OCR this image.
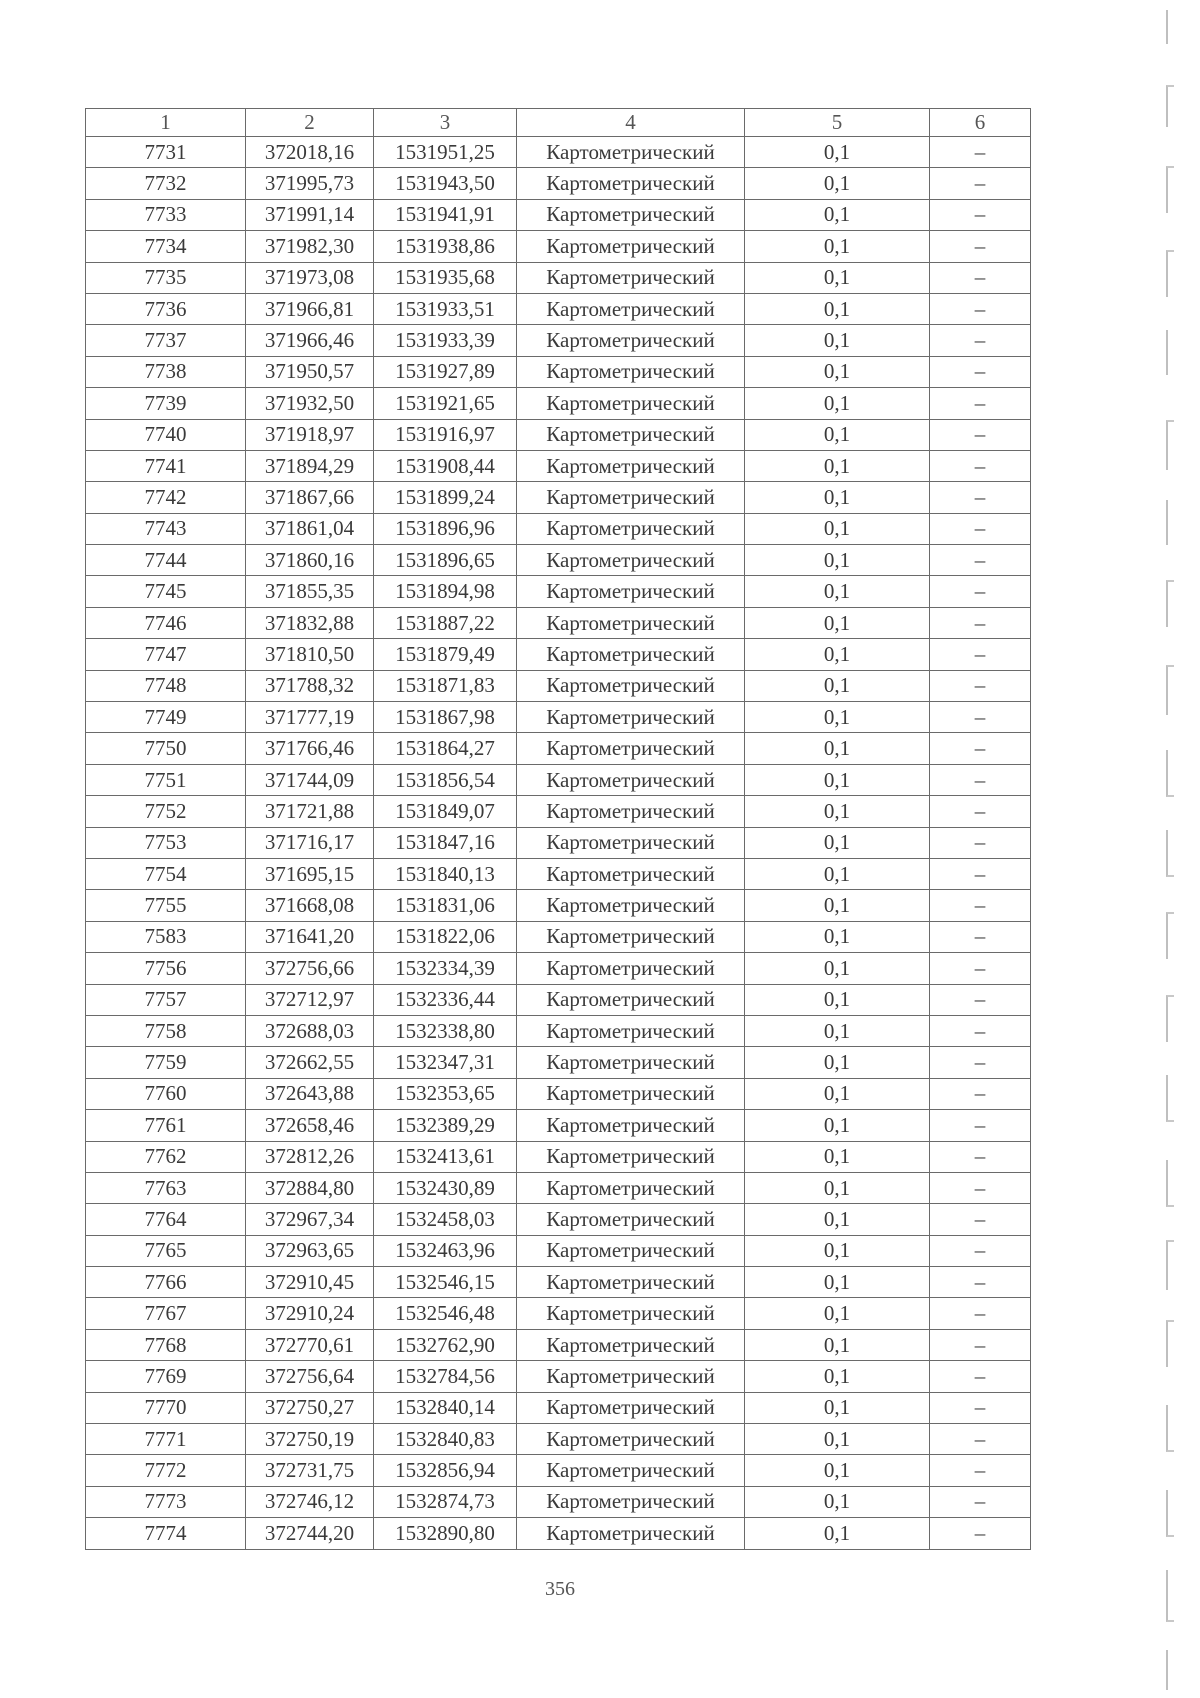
1	2	3	4	5	6
7731	372018,16	1531951,25	Картометрический	0,1	–
7732	371995,73	1531943,50	Картометрический	0,1	–
7733	371991,14	1531941,91	Картометрический	0,1	–
7734	371982,30	1531938,86	Картометрический	0,1	–
7735	371973,08	1531935,68	Картометрический	0,1	–
7736	371966,81	1531933,51	Картометрический	0,1	–
7737	371966,46	1531933,39	Картометрический	0,1	–
7738	371950,57	1531927,89	Картометрический	0,1	–
7739	371932,50	1531921,65	Картометрический	0,1	–
7740	371918,97	1531916,97	Картометрический	0,1	–
7741	371894,29	1531908,44	Картометрический	0,1	–
7742	371867,66	1531899,24	Картометрический	0,1	–
7743	371861,04	1531896,96	Картометрический	0,1	–
7744	371860,16	1531896,65	Картометрический	0,1	–
7745	371855,35	1531894,98	Картометрический	0,1	–
7746	371832,88	1531887,22	Картометрический	0,1	–
7747	371810,50	1531879,49	Картометрический	0,1	–
7748	371788,32	1531871,83	Картометрический	0,1	–
7749	371777,19	1531867,98	Картометрический	0,1	–
7750	371766,46	1531864,27	Картометрический	0,1	–
7751	371744,09	1531856,54	Картометрический	0,1	–
7752	371721,88	1531849,07	Картометрический	0,1	–
7753	371716,17	1531847,16	Картометрический	0,1	–
7754	371695,15	1531840,13	Картометрический	0,1	–
7755	371668,08	1531831,06	Картометрический	0,1	–
7583	371641,20	1531822,06	Картометрический	0,1	–
7756	372756,66	1532334,39	Картометрический	0,1	–
7757	372712,97	1532336,44	Картометрический	0,1	–
7758	372688,03	1532338,80	Картометрический	0,1	–
7759	372662,55	1532347,31	Картометрический	0,1	–
7760	372643,88	1532353,65	Картометрический	0,1	–
7761	372658,46	1532389,29	Картометрический	0,1	–
7762	372812,26	1532413,61	Картометрический	0,1	–
7763	372884,80	1532430,89	Картометрический	0,1	–
7764	372967,34	1532458,03	Картометрический	0,1	–
7765	372963,65	1532463,96	Картометрический	0,1	–
7766	372910,45	1532546,15	Картометрический	0,1	–
7767	372910,24	1532546,48	Картометрический	0,1	–
7768	372770,61	1532762,90	Картометрический	0,1	–
7769	372756,64	1532784,56	Картометрический	0,1	–
7770	372750,27	1532840,14	Картометрический	0,1	–
7771	372750,19	1532840,83	Картометрический	0,1	–
7772	372731,75	1532856,94	Картометрический	0,1	–
7773	372746,12	1532874,73	Картометрический	0,1	–
7774	372744,20	1532890,80	Картометрический	0,1	–
356
